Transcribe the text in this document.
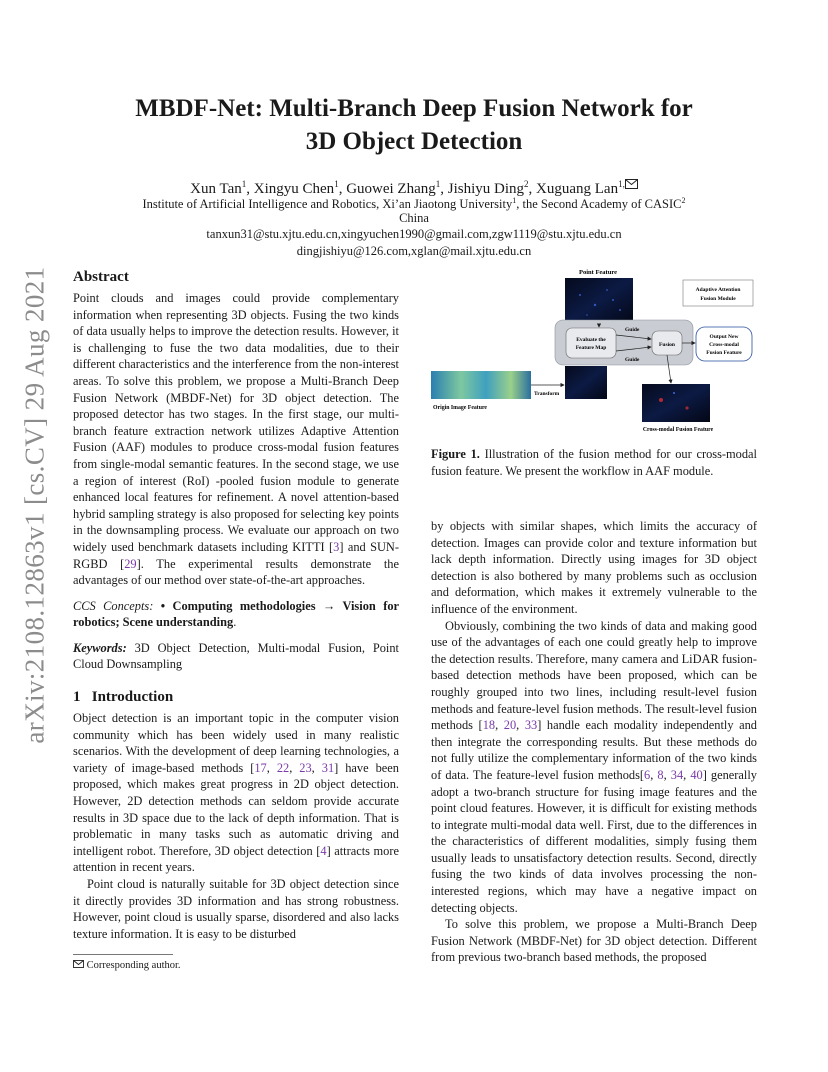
MBDF-Net: Multi-Branch Deep Fusion Network for
3D Object Detection
Xun Tan$^1$, Xingyu Chen$^1$, Guowei Zhang$^1$, Jishiyu Ding$^2$, Xuguang Lan$^{1,}$
Institute of Artificial Intelligence and Robotics, Xi’an Jiaotong University$^1$, the Second Academy of CASIC$^2$
China
tanxun31@stu.xjtu.edu.cn,xingyuchen1990@gmail.com,zgw1119@stu.xjtu.edu.cn
dingjishiyu@126.com,xglan@mail.xjtu.edu.cn
arXiv:2108.12863v1 [cs.CV] 29 Aug 2021 Abstract

Point clouds and images could provide complementary information when representing 3D objects. Fusing the two kinds of data usually helps to improve the detection results. However, it is challenging to fuse the two data modalities, due to their different characteristics and the interference from the non-interest areas. To solve this problem, we propose a Multi-Branch Deep Fusion Network (MBDF-Net) for 3D object detection. The proposed detector has two stages. In the first stage, our multi-branch feature extraction network utilizes Adaptive Attention Fusion (AAF) modules to produce cross-modal fusion features from single-modal semantic features. In the second stage, we use a region of interest (RoI) -pooled fusion module to generate enhanced local features for refinement. A novel attention-based hybrid sampling strategy is also proposed for selecting key points in the downsampling process. We evaluate our approach on two widely used benchmark datasets including KITTI [3] and SUN-RGBD [29]. The experimental results demonstrate the advantages of our method over state-of-the-art approaches.

CCS Concepts: • Computing methodologies → Vision for robotics; Scene understanding.

Keywords: 3D Object Detection, Multi-modal Fusion, Point Cloud Downsampling

1   Introduction

Object detection is an important topic in the computer vision community which has been widely used in many realistic scenarios. With the development of deep learning technologies, a variety of image-based methods [17, 22, 23, 31] have been proposed, which makes great progress in 2D object detection. However, 2D detection methods can seldom provide accurate results in 3D space due to the lack of depth information. That is problematic in many tasks such as automatic driving and intelligent robot. Therefore, 3D object detection [4] attracts more attention in recent years.

Point cloud is naturally suitable for 3D object detection since it directly provides 3D information and has strong robustness. However, point cloud is usually sparse, disordered and also lacks texture information. It is easy to be disturbed

Corresponding author.
Point Feature
Adaptive Attention
Fusion Module
Evaluate the
Feature Map	Fusion
Guide
Guide
Output New
Cross-modal
Fusion Feature
Origin Image Feature
Transform
Cross-modal Fusion Feature
Figure 1. Illustration of the fusion method for our cross-modal fusion feature. We present the workflow in AAF module.

by objects with similar shapes, which limits the accuracy of detection. Images can provide color and texture information but lack depth information. Directly using images for 3D object detection is also bothered by many problems such as occlusion and deformation, which makes it extremely vulnerable to the influence of the environment.

Obviously, combining the two kinds of data and making good use of the advantages of each one could greatly help to improve the detection results. Therefore, many camera and LiDAR fusion-based detection methods have been proposed, which can be roughly grouped into two lines, including result-level fusion methods and feature-level fusion methods. The result-level fusion methods [18, 20, 33] handle each modality independently and then integrate the corresponding results. But these methods do not fully utilize the complementary information of the two kinds of data. The feature-level fusion methods[6, 8, 34, 40] generally adopt a two-branch structure for fusing image features and the point cloud features. However, it is difficult for existing methods to integrate multi-modal data well. First, due to the differences in the characteristics of different modalities, simply fusing them usually leads to unsatisfactory detection results. Second, directly fusing the two kinds of data involves processing the non-interested regions, which may have a negative impact on detecting objects.

To solve this problem, we propose a Multi-Branch Deep Fusion Network (MBDF-Net) for 3D object detection. Different from previous two-branch based methods, the proposed
